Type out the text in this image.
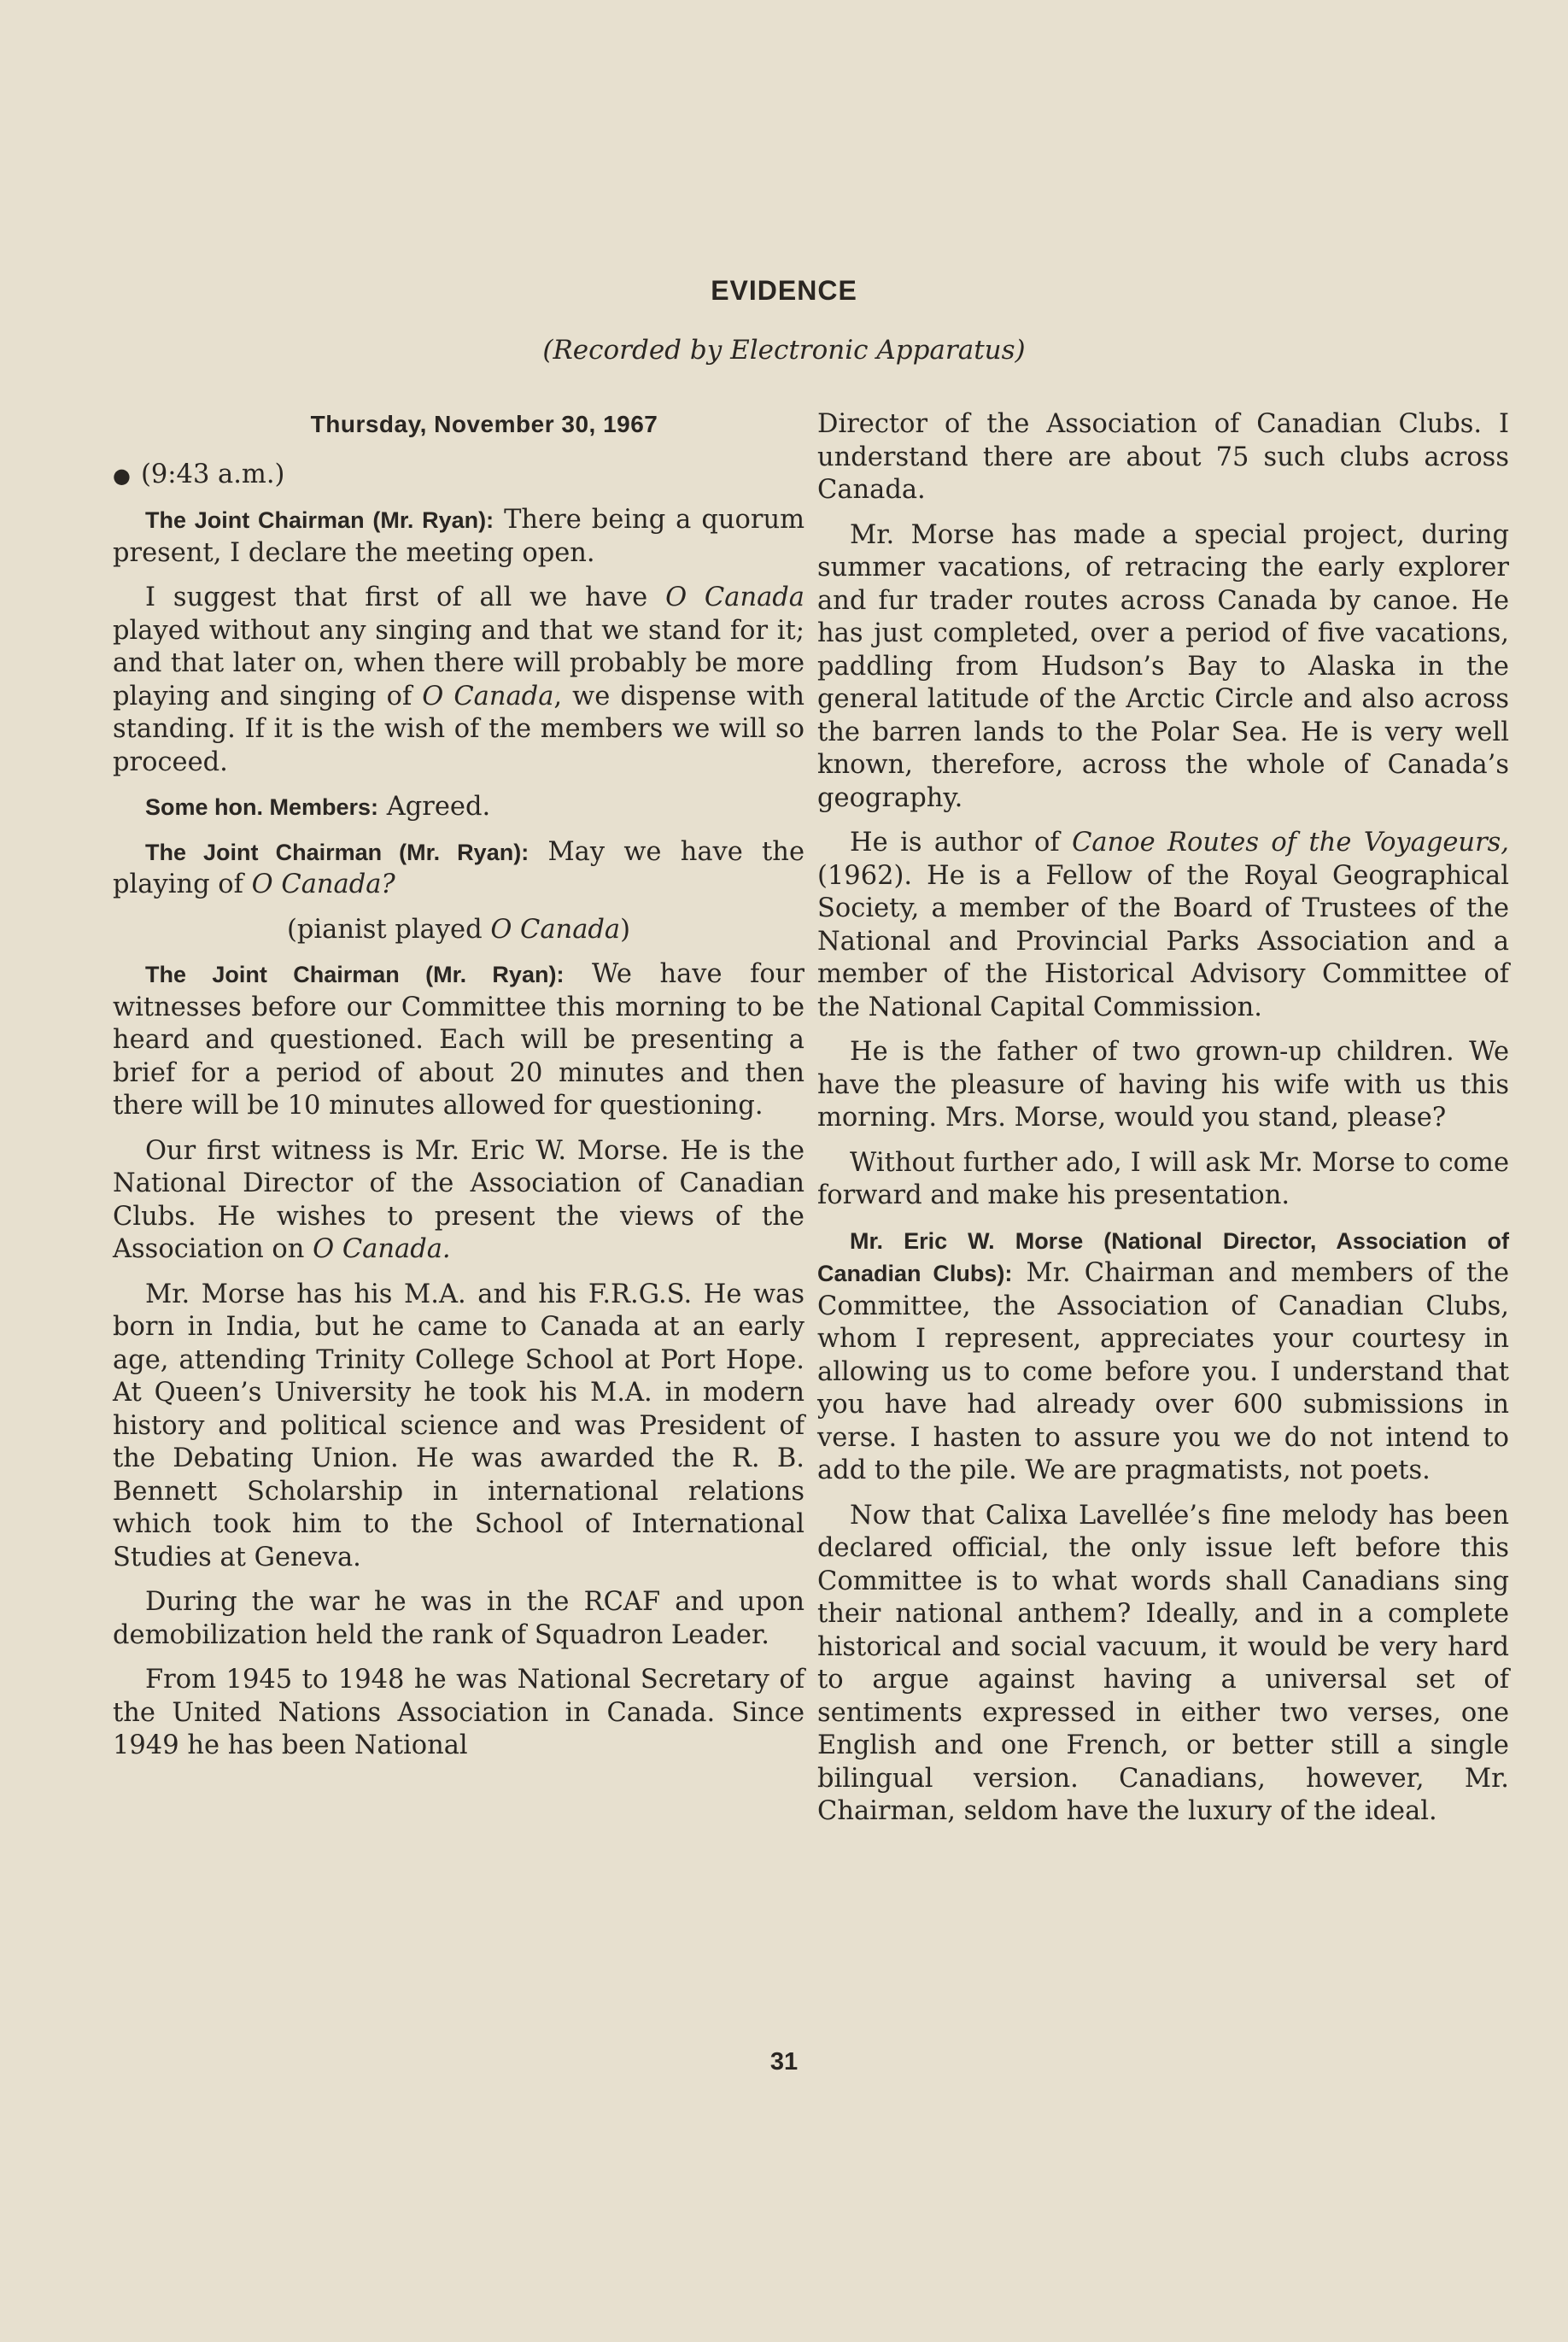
EVIDENCE
(Recorded by Electronic Apparatus)
Thursday, November 30, 1967

● (9:43 a.m.)

The Joint Chairman (Mr. Ryan): There being a quorum present, I declare the meeting open.

I suggest that first of all we have O Canada played without any singing and that we stand for it; and that later on, when there will probably be more playing and singing of O Canada, we dispense with standing. If it is the wish of the members we will so proceed.

Some hon. Members: Agreed.

The Joint Chairman (Mr. Ryan): May we have the playing of O Canada?

(pianist played O Canada)

The Joint Chairman (Mr. Ryan): We have four witnesses before our Committee this morning to be heard and questioned. Each will be presenting a brief for a period of about 20 minutes and then there will be 10 minutes allowed for questioning.

Our first witness is Mr. Eric W. Morse. He is the National Director of the Association of Canadian Clubs. He wishes to present the views of the Association on O Canada.

Mr. Morse has his M.A. and his F.R.G.S. He was born in India, but he came to Canada at an early age, attending Trinity College School at Port Hope. At Queen’s University he took his M.A. in modern history and political science and was President of the Debating Union. He was awarded the R. B. Bennett Scholarship in international relations which took him to the School of International Studies at Geneva.

During the war he was in the RCAF and upon demobilization held the rank of Squadron Leader.

From 1945 to 1948 he was National Secretary of the United Nations Association in Canada. Since 1949 he has been National

Director of the Association of Canadian Clubs. I understand there are about 75 such clubs across Canada.

Mr. Morse has made a special project, during summer vacations, of retracing the early explorer and fur trader routes across Canada by canoe. He has just completed, over a period of five vacations, paddling from Hudson’s Bay to Alaska in the general latitude of the Arctic Circle and also across the barren lands to the Polar Sea. He is very well known, therefore, across the whole of Canada’s geography.

He is author of Canoe Routes of the Voyageurs, (1962). He is a Fellow of the Royal Geographical Society, a member of the Board of Trustees of the National and Provincial Parks Association and a member of the Historical Advisory Committee of the National Capital Commission.

He is the father of two grown-up children. We have the pleasure of having his wife with us this morning. Mrs. Morse, would you stand, please?

Without further ado, I will ask Mr. Morse to come forward and make his presentation.

Mr. Eric W. Morse (National Director, Association of Canadian Clubs): Mr. Chairman and members of the Committee, the Association of Canadian Clubs, whom I represent, appreciates your courtesy in allowing us to come before you. I understand that you have had already over 600 submissions in verse. I hasten to assure you we do not intend to add to the pile. We are pragmatists, not poets.

Now that Calixa Lavellée’s fine melody has been declared official, the only issue left before this Committee is to what words shall Canadians sing their national anthem? Ideally, and in a complete historical and social vacuum, it would be very hard to argue against having a universal set of sentiments expressed in either two verses, one English and one French, or better still a single bilingual version. Canadians, however, Mr. Chairman, seldom have the luxury of the ideal.

31
